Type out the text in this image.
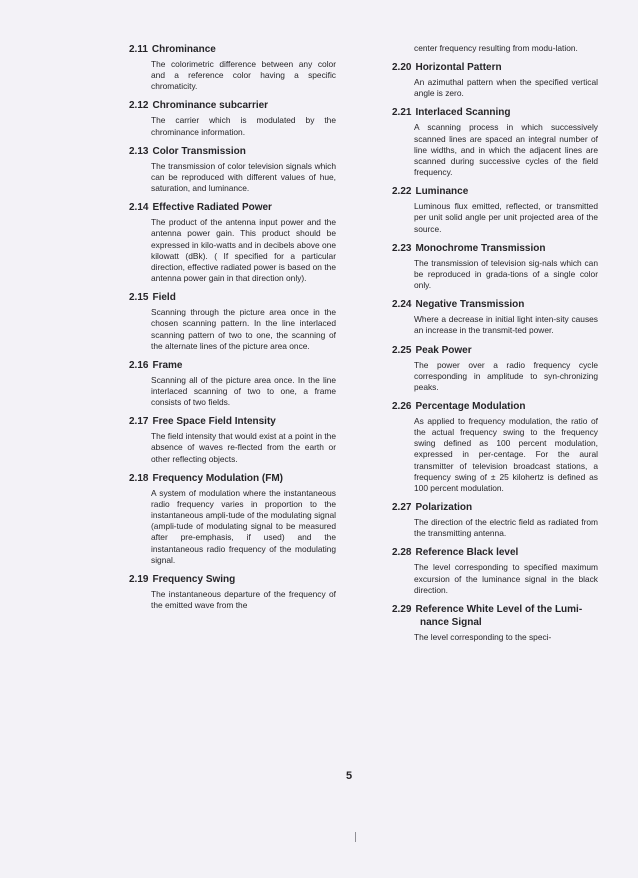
2.11 Chrominance

The colorimetric difference between any color and a reference color having a specific chromaticity.

2.12 Chrominance subcarrier

The carrier which is modulated by the chrominance information.

2.13 Color Transmission

The transmission of color television signals which can be reproduced with different values of hue, saturation, and luminance.

2.14 Effective Radiated Power

The product of the antenna input power and the antenna power gain. This product should be expressed in kilo-watts and in decibels above one kilowatt (dBk). ( If specified for a particular direction, effective radiated power is based on the antenna power gain in that direction only).

2.15 Field

Scanning through the picture area once in the chosen scanning pattern. In the line interlaced scanning pattern of two to one, the scanning of the alternate lines of the picture area once.

2.16 Frame

Scanning all of the picture area once. In the line interlaced scanning of two to one, a frame consists of two fields.

2.17 Free Space Field Intensity

The field intensity that would exist at a point in the absence of waves re-flected from the earth or other reflecting objects.

2.18 Frequency Modulation (FM)

A system of modulation where the instantaneous radio frequency varies in proportion to the instantaneous ampli-tude of the modulating signal (ampli-tude of modulating signal to be measured after pre-emphasis, if used) and the instantaneous radio frequency of the modulating signal.

2.19 Frequency Swing

The instantaneous departure of the frequency of the emitted wave from the

center frequency resulting from modu-lation.

2.20 Horizontal Pattern

An azimuthal pattern when the specified vertical angle is zero.

2.21 Interlaced Scanning

A scanning process in which successively scanned lines are spaced an integral number of line widths, and in which the adjacent lines are scanned during successive cycles of the field frequency.

2.22 Luminance

Luminous flux emitted, reflected, or transmitted per unit solid angle per unit projected area of the source.

2.23 Monochrome Transmission

The transmission of television sig-nals which can be reproduced in grada-tions of a single color only.

2.24 Negative Transmission

Where a decrease in initial light inten-sity causes an increase in the transmit-ted power.

2.25 Peak Power

The power over a radio frequency cycle corresponding in amplitude to syn-chronizing peaks.

2.26 Percentage Modulation

As applied to frequency modulation, the ratio of the actual frequency swing to the frequency swing defined as 100 percent modulation, expressed in per-centage. For the aural transmitter of television broadcast stations, a frequency swing of ± 25 kilohertz is defined as 100 percent modulation.

2.27 Polarization

The direction of the electric field as radiated from the transmitting antenna.

2.28 Reference Black level

The level corresponding to specified maximum excursion of the luminance signal in the black direction.

2.29 Reference White Level of the Lumi-
nance Signal

The level corresponding to the speci-

5
